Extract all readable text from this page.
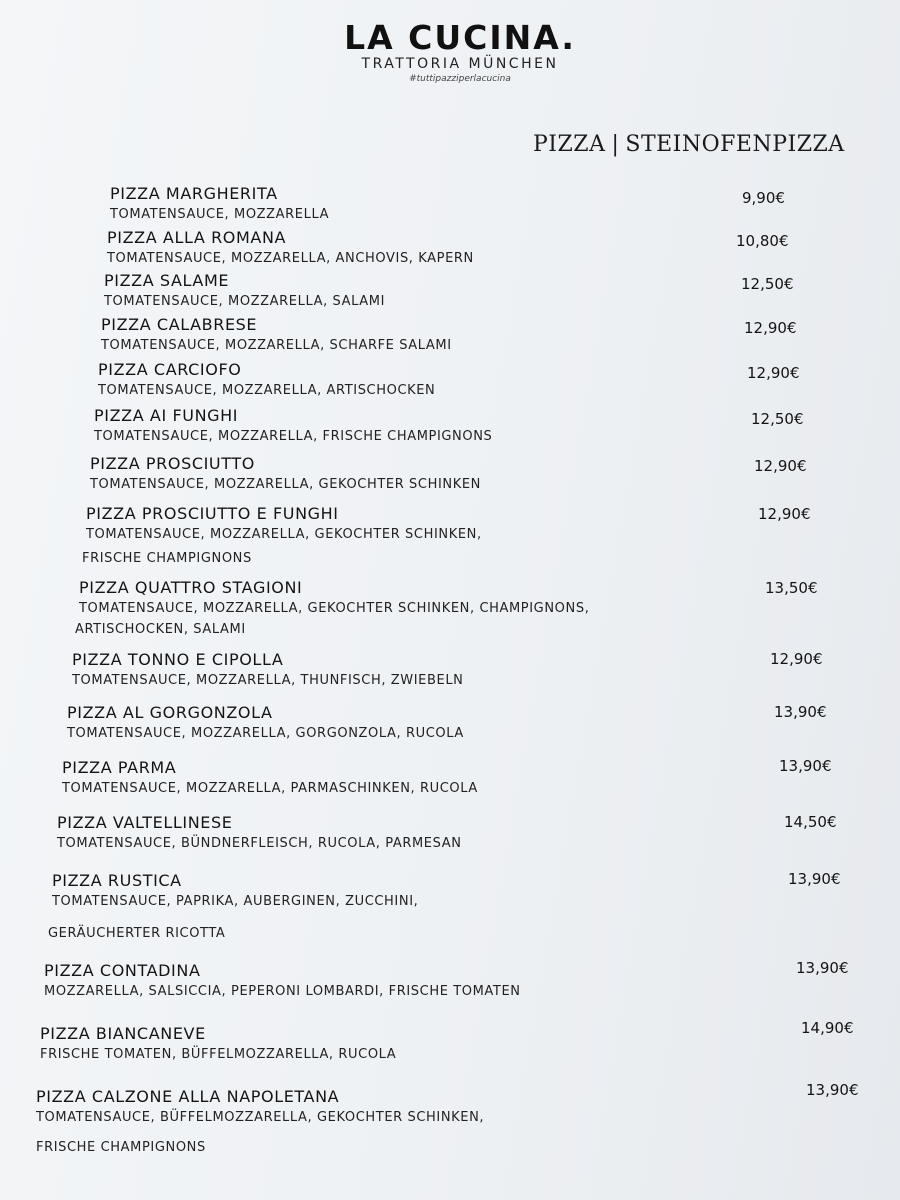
LA CUCINA.
TRATTORIA MÜNCHEN
#tuttipazziperlacucina
PIZZA | STEINOFENPIZZA
PIZZA MARGHERITA
TOMATENSAUCE, MOZZARELLA
9,90€
PIZZA ALLA ROMANA
TOMATENSAUCE, MOZZARELLA, ANCHOVIS, KAPERN
10,80€
PIZZA SALAME
TOMATENSAUCE, MOZZARELLA, SALAMI
12,50€
PIZZA CALABRESE
TOMATENSAUCE, MOZZARELLA, SCHARFE SALAMI
12,90€
PIZZA CARCIOFO
TOMATENSAUCE, MOZZARELLA, ARTISCHOCKEN
12,90€
PIZZA AI FUNGHI
TOMATENSAUCE, MOZZARELLA, FRISCHE CHAMPIGNONS
12,50€
PIZZA PROSCIUTTO
TOMATENSAUCE, MOZZARELLA, GEKOCHTER SCHINKEN
12,90€
PIZZA PROSCIUTTO E FUNGHI
TOMATENSAUCE, MOZZARELLA, GEKOCHTER SCHINKEN,
FRISCHE CHAMPIGNONS
12,90€
PIZZA QUATTRO STAGIONI
TOMATENSAUCE, MOZZARELLA, GEKOCHTER SCHINKEN, CHAMPIGNONS,
ARTISCHOCKEN, SALAMI
13,50€
PIZZA TONNO E CIPOLLA
TOMATENSAUCE, MOZZARELLA, THUNFISCH, ZWIEBELN
12,90€
PIZZA AL GORGONZOLA
TOMATENSAUCE, MOZZARELLA, GORGONZOLA, RUCOLA
13,90€
PIZZA PARMA
TOMATENSAUCE, MOZZARELLA, PARMASCHINKEN, RUCOLA
13,90€
PIZZA VALTELLINESE
TOMATENSAUCE, BÜNDNERFLEISCH, RUCOLA, PARMESAN
14,50€
PIZZA RUSTICA
TOMATENSAUCE, PAPRIKA, AUBERGINEN, ZUCCHINI,
GERÄUCHERTER RICOTTA
13,90€
PIZZA CONTADINA
MOZZARELLA, SALSICCIA, PEPERONI LOMBARDI, FRISCHE TOMATEN
13,90€
PIZZA BIANCANEVE
FRISCHE TOMATEN, BÜFFELMOZZARELLA, RUCOLA
14,90€
PIZZA CALZONE ALLA NAPOLETANA
TOMATENSAUCE, BÜFFELMOZZARELLA, GEKOCHTER SCHINKEN,
FRISCHE CHAMPIGNONS
13,90€
